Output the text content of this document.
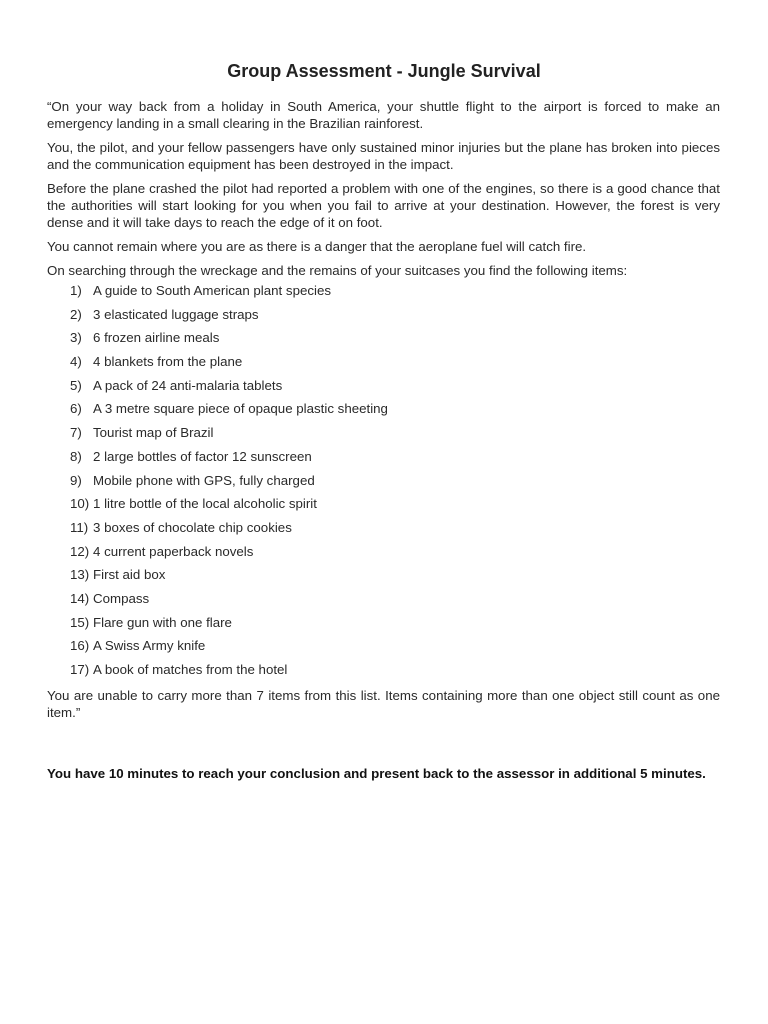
Group Assessment - Jungle Survival

“On your way back from a holiday in South America, your shuttle flight to the airport is forced to make an emergency landing in a small clearing in the Brazilian rainforest.

You, the pilot, and your fellow passengers have only sustained minor injuries but the plane has broken into pieces and the communication equipment has been destroyed in the impact.

Before the plane crashed the pilot had reported a problem with one of the engines, so there is a good chance that the authorities will start looking for you when you fail to arrive at your destination. However, the forest is very dense and it will take days to reach the edge of it on foot.

You cannot remain where you are as there is a danger that the aeroplane fuel will catch fire.

On searching through the wreckage and the remains of your suitcases you find the following items:

1) A guide to South American plant species
2) 3 elasticated luggage straps
3) 6 frozen airline meals
4) 4 blankets from the plane
5) A pack of 24 anti-malaria tablets
6) A 3 metre square piece of opaque plastic sheeting
7) Tourist map of Brazil
8) 2 large bottles of factor 12 sunscreen
9) Mobile phone with GPS, fully charged
10) 1 litre bottle of the local alcoholic spirit
11) 3 boxes of chocolate chip cookies
12) 4 current paperback novels
13) First aid box
14) Compass
15) Flare gun with one flare
16) A Swiss Army knife
17) A book of matches from the hotel

You are unable to carry more than 7 items from this list. Items containing more than one object still count as one item.”

You have 10 minutes to reach your conclusion and present back to the assessor in additional 5 minutes.
